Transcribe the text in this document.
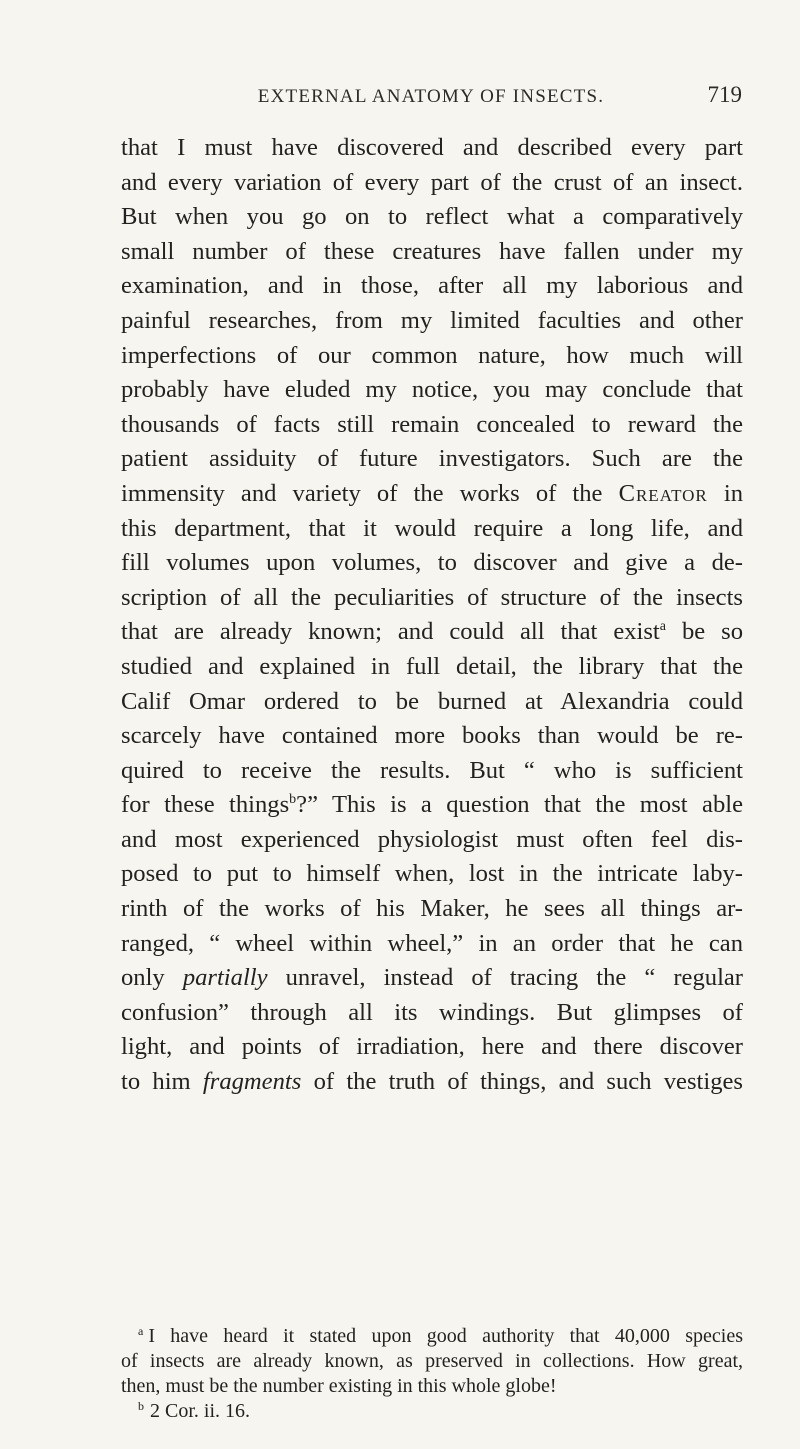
EXTERNAL ANATOMY OF INSECTS.	719
that I must have discovered and described every part
and every variation of every part of the crust of an insect.
But when you go on to reflect what a comparatively
small number of these creatures have fallen under my
examination, and in those, after all my laborious and
painful researches, from my limited faculties and other
imperfections of our common nature, how much will
probably have eluded my notice, you may conclude that
thousands of facts still remain concealed to reward the
patient assiduity of future investigators. Such are the
immensity and variety of the works of the Creator in
this department, that it would require a long life, and
fill volumes upon volumes, to discover and give a de-
scription of all the peculiarities of structure of the insects
that are already known; and could all that exist$^a$ be so
studied and explained in full detail, the library that the
Calif Omar ordered to be burned at Alexandria could
scarcely have contained more books than would be re-
quired to receive the results. But “ who is sufficient
for these things$^b$?” This is a question that the most able
and most experienced physiologist must often feel dis-
posed to put to himself when, lost in the intricate laby-
rinth of the works of his Maker, he sees all things ar-
ranged, “ wheel within wheel,” in an order that he can
only partially unravel, instead of tracing the “ regular
confusion” through all its windings. But glimpses of
light, and points of irradiation, here and there discover
to him fragments of the truth of things, and such vestiges
$^a$ I have heard it stated upon good authority that 40,000 species
of insects are already known, as preserved in collections. How great,
then, must be the number existing in this whole globe!
$^b$ 2 Cor. ii. 16.
